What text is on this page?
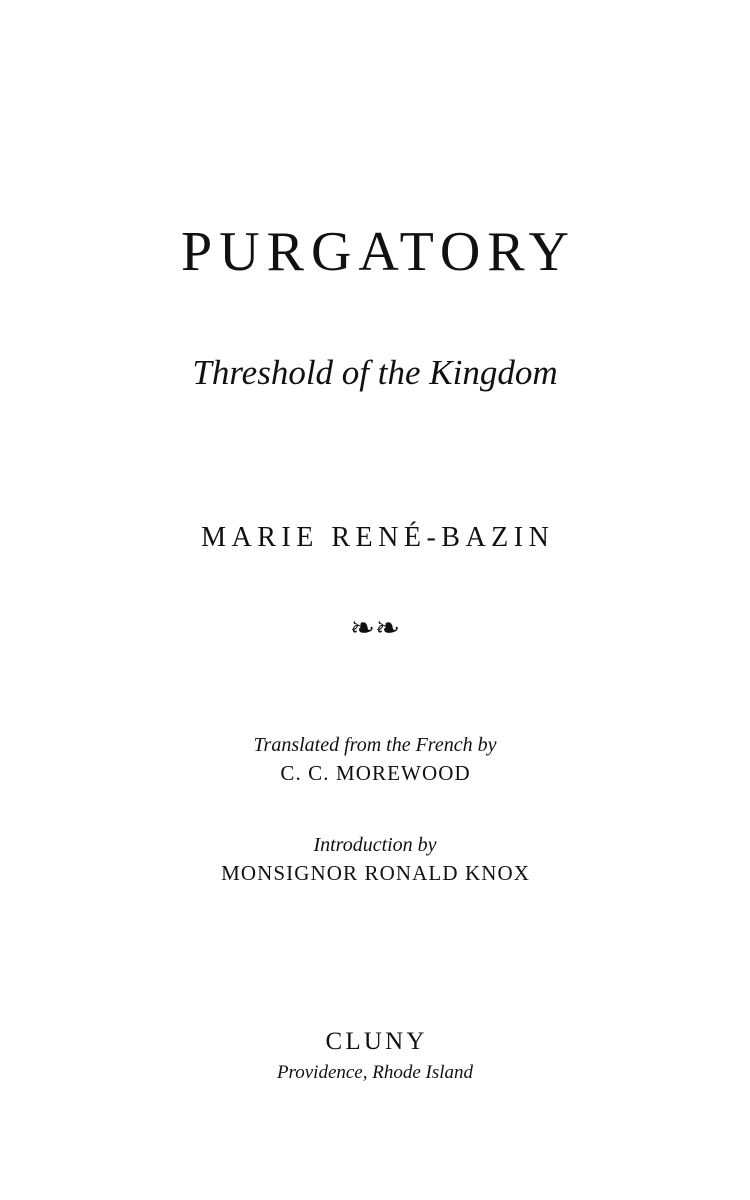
PURGATORY
Threshold of the Kingdom
MARIE RENÉ-BAZIN
❧❧
Translated from the French by
C. C. MOREWOOD
Introduction by
MONSIGNOR RONALD KNOX
CLUNY
Providence, Rhode Island
